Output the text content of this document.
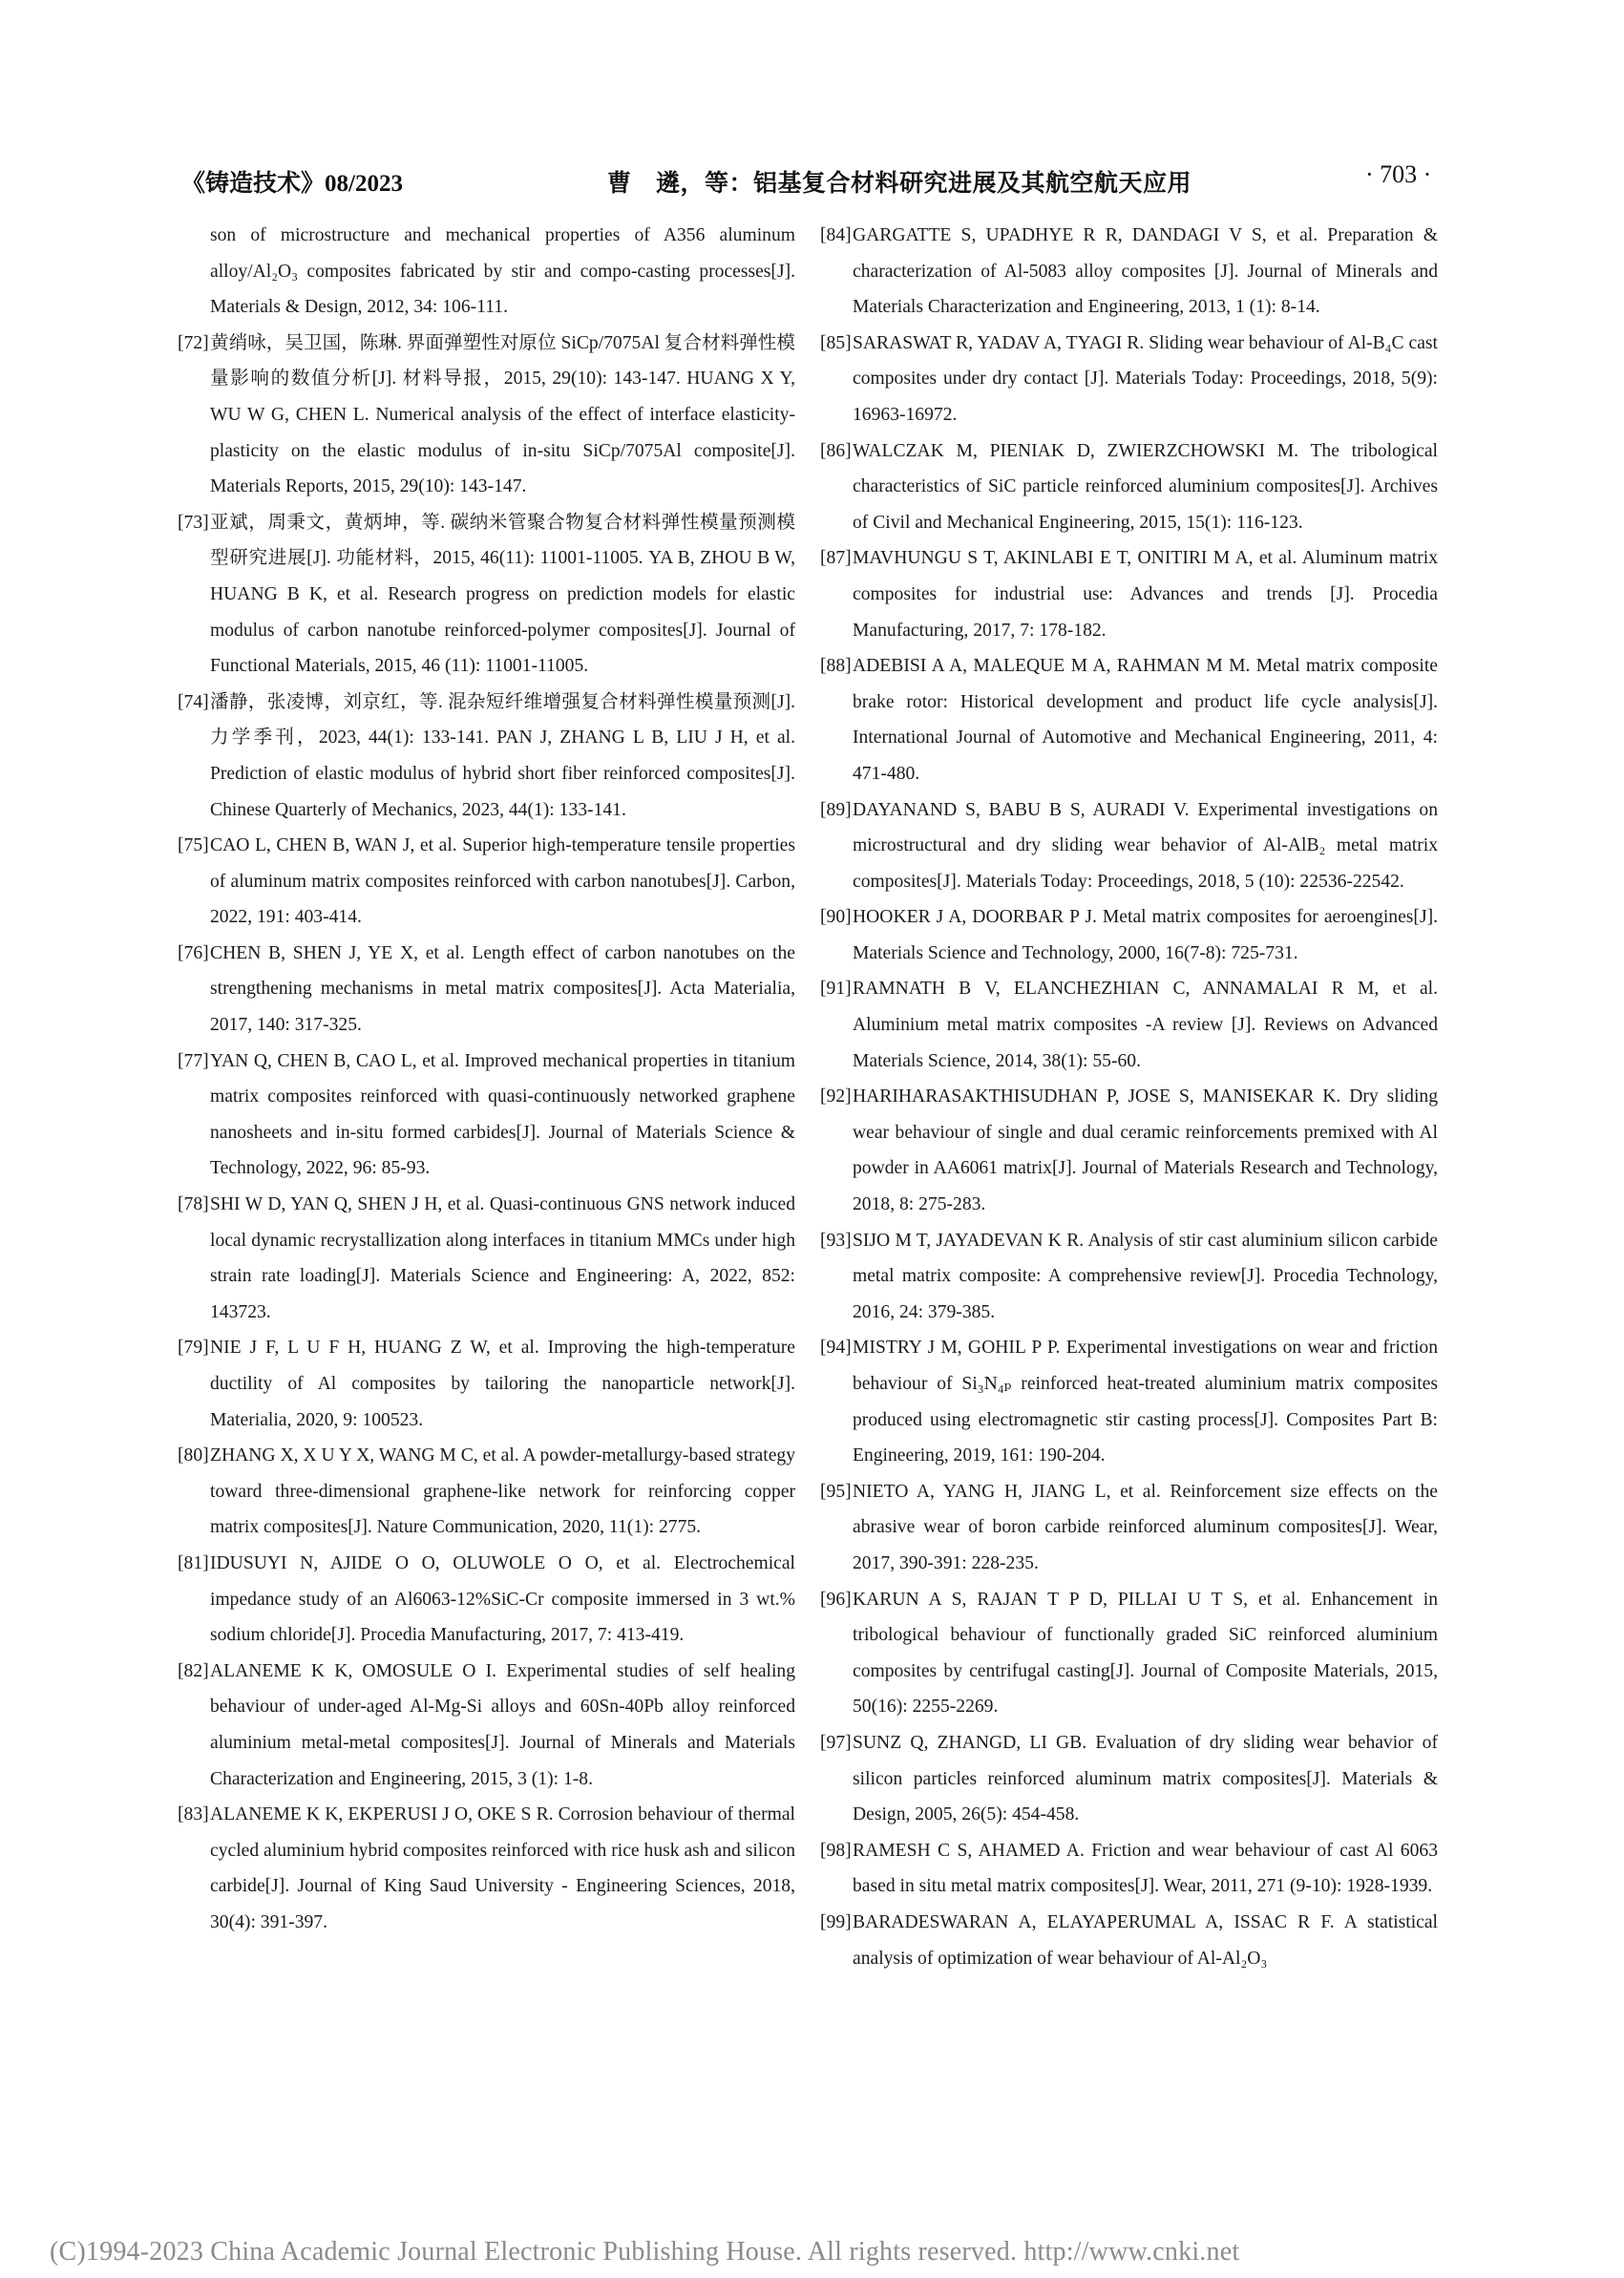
《铸造技术》08/2023	曹　遴，等：铝基复合材料研究进展及其航空航天应用	· 703 ·
son of microstructure and mechanical properties of A356 aluminum alloy/Al₂O₃ composites fabricated by stir and compo-casting processes[J]. Materials & Design, 2012, 34: 106-111.
[72] 黄绡咏，吴卫国，陈琳. 界面弹塑性对原位 SiCp/7075Al 复合材料弹性模量影响的数值分析[J]. 材料导报，2015, 29(10): 143-147. HUANG X Y, WU W G, CHEN L. Numerical analysis of the effect of interface elasticity-plasticity on the elastic modulus of in-situ SiCp/7075Al composite[J]. Materials Reports, 2015, 29(10): 143-147.
[73] 亚斌，周秉文，黄炳坤，等. 碳纳米管聚合物复合材料弹性模量预测模型研究进展[J]. 功能材料，2015, 46(11): 11001-11005. YA B, ZHOU B W, HUANG B K, et al. Research progress on prediction models for elastic modulus of carbon nanotube reinforced-polymer composites[J]. Journal of Functional Materials, 2015, 46 (11): 11001-11005.
[74] 潘静，张凌博，刘京红，等. 混杂短纤维增强复合材料弹性模量预测[J]. 力学季刊，2023, 44(1): 133-141. PAN J, ZHANG L B, LIU J H, et al. Prediction of elastic modulus of hybrid short fiber reinforced composites[J]. Chinese Quarterly of Mechanics, 2023, 44(1): 133-141.
[75] CAO L, CHEN B, WAN J, et al. Superior high-temperature tensile properties of aluminum matrix composites reinforced with carbon nanotubes[J]. Carbon, 2022, 191: 403-414.
[76] CHEN B, SHEN J, YE X, et al. Length effect of carbon nanotubes on the strengthening mechanisms in metal matrix composites[J]. Acta Materialia, 2017, 140: 317-325.
[77] YAN Q, CHEN B, CAO L, et al. Improved mechanical properties in titanium matrix composites reinforced with quasi-continuously networked graphene nanosheets and in-situ formed carbides[J]. Journal of Materials Science & Technology, 2022, 96: 85-93.
[78] SHI W D, YAN Q, SHEN J H, et al. Quasi-continuous GNS network induced local dynamic recrystallization along interfaces in titanium MMCs under high strain rate loading[J]. Materials Science and Engineering: A, 2022, 852: 143723.
[79] NIE J F, L U F H, HUANG Z W, et al. Improving the high-temperature ductility of Al composites by tailoring the nanoparticle network[J]. Materialia, 2020, 9: 100523.
[80] ZHANG X, X U Y X, WANG M C, et al. A powder-metallurgy-based strategy toward three-dimensional graphene-like network for reinforcing copper matrix composites[J]. Nature Communication, 2020, 11(1): 2775.
[81] IDUSUYI N, AJIDE O O, OLUWOLE O O, et al. Electrochemical impedance study of an Al6063-12%SiC-Cr composite immersed in 3 wt.% sodium chloride[J]. Procedia Manufacturing, 2017, 7: 413-419.
[82] ALANEME K K, OMOSULE O I. Experimental studies of self healing behaviour of under-aged Al-Mg-Si alloys and 60Sn-40Pb alloy reinforced aluminium metal-metal composites[J]. Journal of Minerals and Materials Characterization and Engineering, 2015, 3 (1): 1-8.
[83] ALANEME K K, EKPERUSI J O, OKE S R. Corrosion behaviour of thermal cycled aluminium hybrid composites reinforced with rice husk ash and silicon carbide[J]. Journal of King Saud University - Engineering Sciences, 2018, 30(4): 391-397.
[84] GARGATTE S, UPADHYE R R, DANDAGI V S, et al. Preparation & characterization of Al-5083 alloy composites [J]. Journal of Minerals and Materials Characterization and Engineering, 2013, 1 (1): 8-14.
[85] SARASWAT R, YADAV A, TYAGI R. Sliding wear behaviour of Al-B₄C cast composites under dry contact [J]. Materials Today: Proceedings, 2018, 5(9): 16963-16972.
[86] WALCZAK M, PIENIAK D, ZWIERZCHOWSKI M. The tribological characteristics of SiC particle reinforced aluminium composites[J]. Archives of Civil and Mechanical Engineering, 2015, 15(1): 116-123.
[87] MAVHUNGU S T, AKINLABI E T, ONITIRI M A, et al. Aluminum matrix composites for industrial use: Advances and trends [J]. Procedia Manufacturing, 2017, 7: 178-182.
[88] ADEBISI A A, MALEQUE M A, RAHMAN M M. Metal matrix composite brake rotor: Historical development and product life cycle analysis[J]. International Journal of Automotive and Mechanical Engineering, 2011, 4: 471-480.
[89] DAYANAND S, BABU B S, AURADI V. Experimental investigations on microstructural and dry sliding wear behavior of Al-AlB₂ metal matrix composites[J]. Materials Today: Proceedings, 2018, 5 (10): 22536-22542.
[90] HOOKER J A, DOORBAR P J. Metal matrix composites for aeroengines[J]. Materials Science and Technology, 2000, 16(7-8): 725-731.
[91] RAMNATH B V, ELANCHEZHIAN C, ANNAMALAI R M, et al. Aluminium metal matrix composites -A review [J]. Reviews on Advanced Materials Science, 2014, 38(1): 55-60.
[92] HARIHARASAKTHISUDHAN P, JOSE S, MANISEKAR K. Dry sliding wear behaviour of single and dual ceramic reinforcements premixed with Al powder in AA6061 matrix[J]. Journal of Materials Research and Technology, 2018, 8: 275-283.
[93] SIJO M T, JAYADEVAN K R. Analysis of stir cast aluminium silicon carbide metal matrix composite: A comprehensive review[J]. Procedia Technology, 2016, 24: 379-385.
[94] MISTRY J M, GOHIL P P. Experimental investigations on wear and friction behaviour of Si₃N₄ₚ reinforced heat-treated aluminium matrix composites produced using electromagnetic stir casting process[J]. Composites Part B: Engineering, 2019, 161: 190-204.
[95] NIETO A, YANG H, JIANG L, et al. Reinforcement size effects on the abrasive wear of boron carbide reinforced aluminum composites[J]. Wear, 2017, 390-391: 228-235.
[96] KARUN A S, RAJAN T P D, PILLAI U T S, et al. Enhancement in tribological behaviour of functionally graded SiC reinforced aluminium composites by centrifugal casting[J]. Journal of Composite Materials, 2015, 50(16): 2255-2269.
[97] SUNZ Q, ZHANGD, LI GB. Evaluation of dry sliding wear behavior of silicon particles reinforced aluminum matrix composites[J]. Materials & Design, 2005, 26(5): 454-458.
[98] RAMESH C S, AHAMED A. Friction and wear behaviour of cast Al 6063 based in situ metal matrix composites[J]. Wear, 2011, 271 (9-10): 1928-1939.
[99] BARADESWARAN A, ELAYAPERUMAL A, ISSAC R F. A statistical analysis of optimization of wear behaviour of Al-Al₂O₃
(C)1994-2023 China Academic Journal Electronic Publishing House. All rights reserved. http://www.cnki.net
